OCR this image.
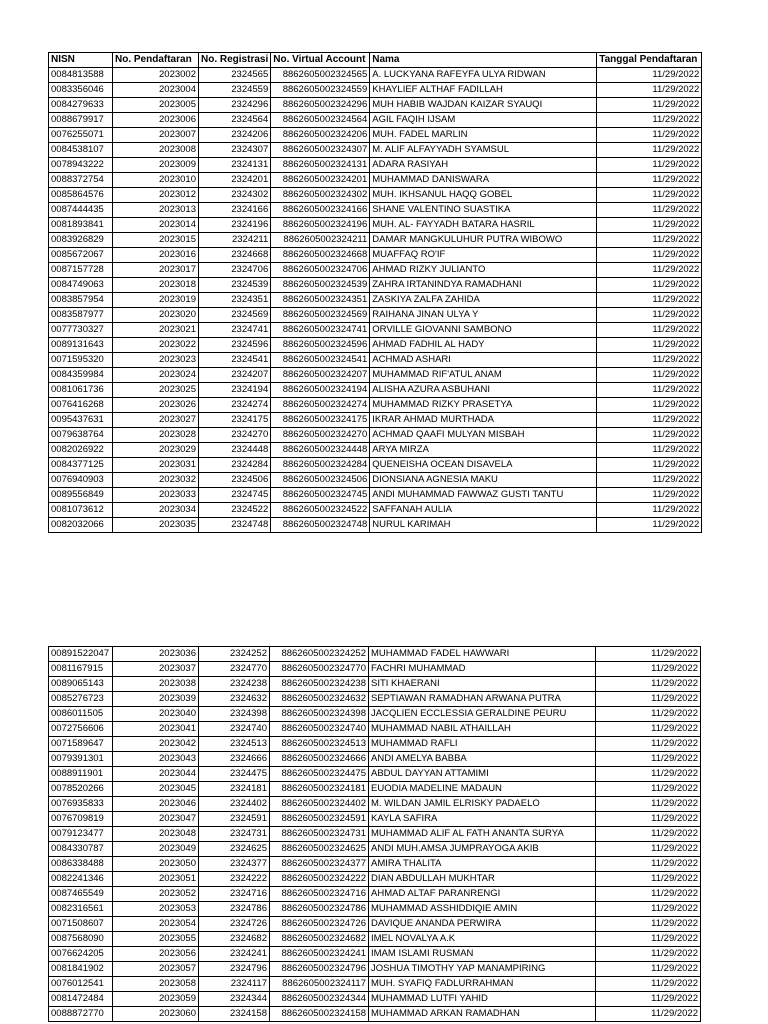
NISN	No. Pendaftaran	No. Registrasi	No. Virtual Account	Nama	Tanggal Pendaftaran
0084813588	2023002	2324565	8862605002324565	A. LUCKYANA RAFEYFA ULYA RIDWAN	11/29/2022
0083356046	2023004	2324559	8862605002324559	KHAYLIEF ALTHAF FADILLAH	11/29/2022
0084279633	2023005	2324296	8862605002324296	MUH HABIB WAJDAN KAIZAR SYAUQI	11/29/2022
0088679917	2023006	2324564	8862605002324564	AGIL FAQIH IJSAM	11/29/2022
0076255071	2023007	2324206	8862605002324206	MUH. FADEL MARLIN	11/29/2022
0084538107	2023008	2324307	8862605002324307	M. ALIF ALFAYYADH SYAMSUL	11/29/2022
0078943222	2023009	2324131	8862605002324131	ADARA RASIYAH	11/29/2022
0088372754	2023010	2324201	8862605002324201	MUHAMMAD DANISWARA	11/29/2022
0085864576	2023012	2324302	8862605002324302	MUH. IKHSANUL HAQQ GOBEL	11/29/2022
0087444435	2023013	2324166	8862605002324166	SHANE VALENTINO SUASTIKA	11/29/2022
0081893841	2023014	2324196	8862605002324196	MUH. AL- FAYYADH BATARA HASRIL	11/29/2022
0083926829	2023015	2324211	8862605002324211	DAMAR MANGKULUHUR PUTRA WIBOWO	11/29/2022
0085672067	2023016	2324668	8862605002324668	MUAFFAQ RO'IF	11/29/2022
0087157728	2023017	2324706	8862605002324706	AHMAD RIZKY JULIANTO	11/29/2022
0084749063	2023018	2324539	8862605002324539	ZAHRA IRTANINDYA RAMADHANI	11/29/2022
0083857954	2023019	2324351	8862605002324351	ZASKIYA ZALFA ZAHIDA	11/29/2022
0083587977	2023020	2324569	8862605002324569	RAIHANA JINAN ULYA Y	11/29/2022
0077730327	2023021	2324741	8862605002324741	ORVILLE GIOVANNI SAMBONO	11/29/2022
0089131643	2023022	2324596	8862605002324596	AHMAD FADHIL AL HADY	11/29/2022
0071595320	2023023	2324541	8862605002324541	ACHMAD ASHARI	11/29/2022
0084359984	2023024	2324207	8862605002324207	MUHAMMAD RIF'ATUL ANAM	11/29/2022
0081061736	2023025	2324194	8862605002324194	ALISHA AZURA ASBUHANI	11/29/2022
0076416268	2023026	2324274	8862605002324274	MUHAMMAD RIZKY PRASETYA	11/29/2022
0095437631	2023027	2324175	8862605002324175	IKRAR AHMAD MURTHADA	11/29/2022
0079638764	2023028	2324270	8862605002324270	ACHMAD QAAFI MULYAN MISBAH	11/29/2022
0082026922	2023029	2324448	8862605002324448	ARYA MIRZA	11/29/2022
0084377125	2023031	2324284	8862605002324284	QUENEISHA OCEAN DISAVELA	11/29/2022
0076940903	2023032	2324506	8862605002324506	DIONSIANA AGNESIA MAKU	11/29/2022
0089556849	2023033	2324745	8862605002324745	ANDI MUHAMMAD FAWWAZ GUSTI TANTU	11/29/2022
0081073612	2023034	2324522	8862605002324522	SAFFANAH AULIA	11/29/2022
0082032066	2023035	2324748	8862605002324748	NURUL KARIMAH	11/29/2022
00891522047	2023036	2324252	8862605002324252	MUHAMMAD FADEL HAWWARI	11/29/2022
0081167915	2023037	2324770	8862605002324770	FACHRI MUHAMMAD	11/29/2022
0089065143	2023038	2324238	8862605002324238	SITI KHAERANI	11/29/2022
0085276723	2023039	2324632	8862605002324632	SEPTIAWAN RAMADHAN ARWANA PUTRA	11/29/2022
0086011505	2023040	2324398	8862605002324398	JACQLIEN ECCLESSIA GERALDINE PEURU	11/29/2022
0072756606	2023041	2324740	8862605002324740	MUHAMMAD NABIL ATHAILLAH	11/29/2022
0071589647	2023042	2324513	8862605002324513	MUHAMMAD RAFLI	11/29/2022
0079391301	2023043	2324666	8862605002324666	ANDI AMELYA BABBA	11/29/2022
0088911901	2023044	2324475	8862605002324475	ABDUL DAYYAN ATTAMIMI	11/29/2022
0078520266	2023045	2324181	8862605002324181	EUODIA MADELINE MADAUN	11/29/2022
0076935833	2023046	2324402	8862605002324402	M. WILDAN JAMIL ELRISKY PADAELO	11/29/2022
0076709819	2023047	2324591	8862605002324591	KAYLA SAFIRA	11/29/2022
0079123477	2023048	2324731	8862605002324731	MUHAMMAD ALIF AL FATH ANANTA SURYA	11/29/2022
0084330787	2023049	2324625	8862605002324625	ANDI MUH.AMSA JUMPRAYOGA AKIB	11/29/2022
0086338488	2023050	2324377	8862605002324377	AMIRA THALITA	11/29/2022
0082241346	2023051	2324222	8862605002324222	DIAN ABDULLAH MUKHTAR	11/29/2022
0087465549	2023052	2324716	8862605002324716	AHMAD ALTAF PARANRENGI	11/29/2022
0082316561	2023053	2324786	8862605002324786	MUHAMMAD ASSHIDDIQIE AMIN	11/29/2022
0071508607	2023054	2324726	8862605002324726	DAVIQUE ANANDA PERWIRA	11/29/2022
0087568090	2023055	2324682	8862605002324682	IMEL NOVALYA A.K	11/29/2022
0076624205	2023056	2324241	8862605002324241	IMAM ISLAMI RUSMAN	11/29/2022
0081841902	2023057	2324796	8862605002324796	JOSHUA TIMOTHY YAP MANAMPIRING	11/29/2022
0076012541	2023058	2324117	8862605002324117	MUH. SYAFIQ FADLURRAHMAN	11/29/2022
0081472484	2023059	2324344	8862605002324344	MUHAMMAD LUTFI YAHID	11/29/2022
0088872770	2023060	2324158	8862605002324158	MUHAMMAD ARKAN RAMADHAN	11/29/2022
